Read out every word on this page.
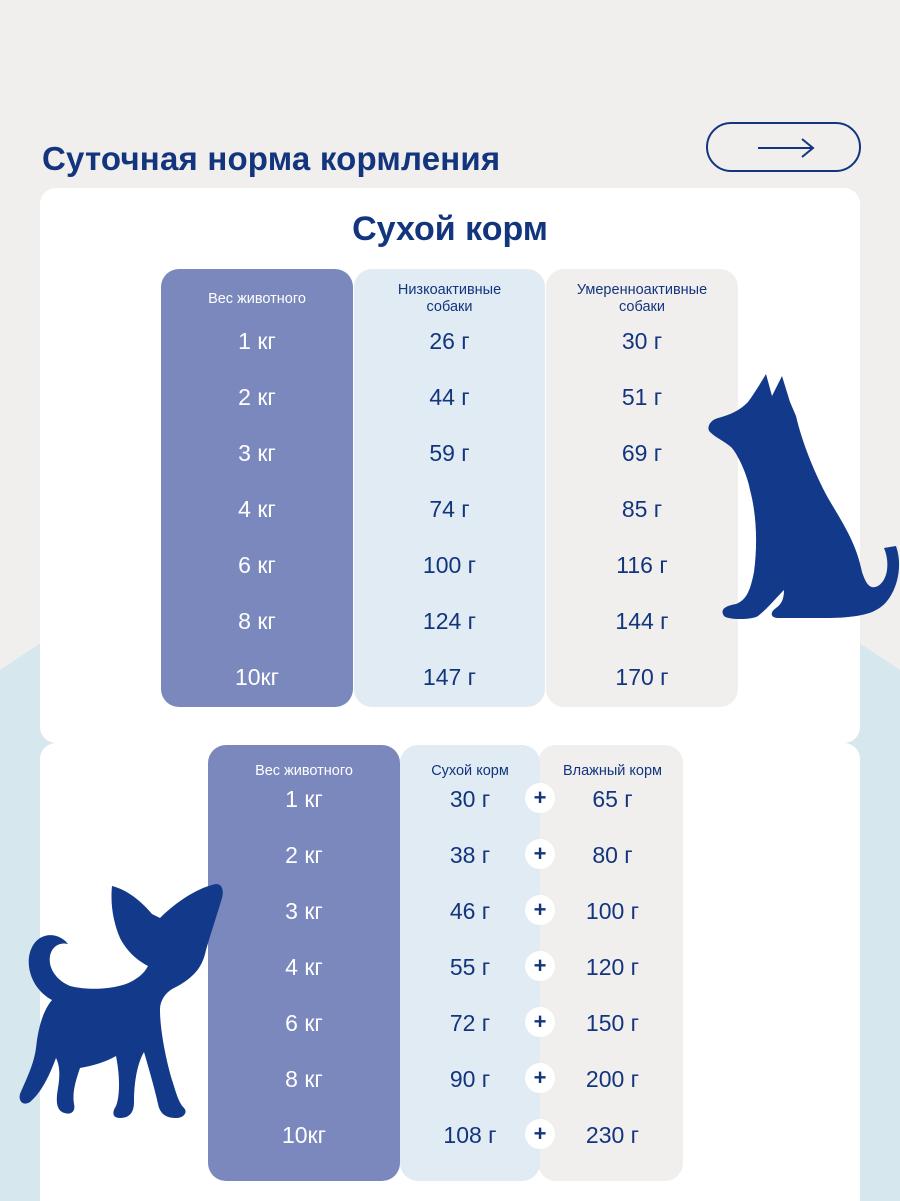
Суточная норма кормления
Сухой корм
Вес животного
1 кг
2 кг
3 кг
4 кг
6 кг
8 кг
10кг
Низкоактивные собаки
26 г
44 г
59 г
74 г
100 г
124 г
147 г
Умеренноактивные собаки
30 г
51 г
69 г
85 г
116 г
144 г
170 г
Влажный корм
65 г
80 г
100 г
120 г
150 г
200 г
230 г
Сухой корм
30 г
38 г
46 г
55 г
72 г
90 г
108 г
Вес животного
1 кг
2 кг
3 кг
4 кг
6 кг
8 кг
10кг
+
+
+
+
+
+
+
